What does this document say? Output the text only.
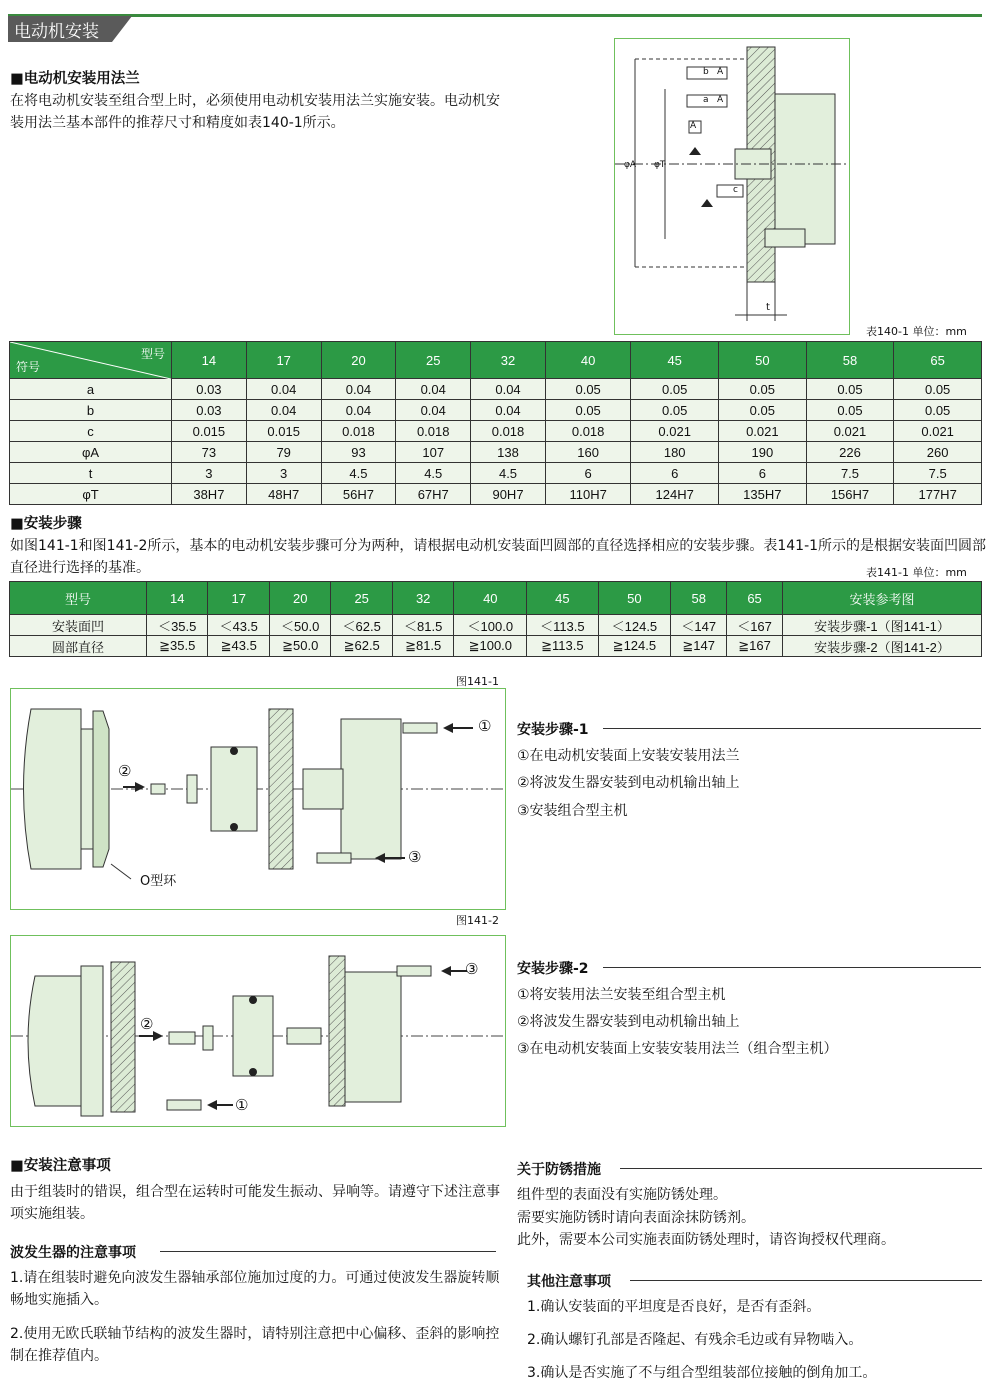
电动机安装
■电动机安装用法兰
在将电动机安装至组合型上时，必须使用电动机安装用法兰实施安装。电动机安装用法兰基本部件的推荐尺寸和精度如表140-1所示。
b A
a A
A
c
φA φT
t
表140-1 单位：mm
型号
符号	14	17	20	25	32	40	45	50	58	65
a	0.03	0.04	0.04	0.04	0.04	0.05	0.05	0.05	0.05	0.05
b	0.03	0.04	0.04	0.04	0.04	0.05	0.05	0.05	0.05	0.05
c	0.015	0.015	0.018	0.018	0.018	0.018	0.021	0.021	0.021	0.021
φA	73	79	93	107	138	160	180	190	226	260
t	3	3	4.5	4.5	4.5	6	6	6	7.5	7.5
φT	38H7	48H7	56H7	67H7	90H7	110H7	124H7	135H7	156H7	177H7
■安装步骤
如图141-1和图141-2所示，基本的电动机安装步骤可分为两种，请根据电动机安装面凹圆部的直径选择相应的安装步骤。表141-1所示的是根据安装面凹圆部直径进行选择的基准。	表141-1 单位：mm
型号	14	17	20	25	32	40	45	50	58	65	安装参考图
安装面凹	＜35.5	＜43.5	＜50.0	＜62.5	＜81.5	＜100.0	＜113.5	＜124.5	＜147	＜167	安装步骤-1（图141-1）
圆部直径	≧35.5	≧43.5	≧50.0	≧62.5	≧81.5	≧100.0	≧113.5	≧124.5	≧147	≧167	安装步骤-2（图141-2）
图141-1
①
②
③
O型环
安装步骤-1
①在电动机安装面上安装安装用法兰
②将波发生器安装到电动机输出轴上
③安装组合型主机
图141-2
③
②
①
安装步骤-2
①将安装用法兰安装至组合型主机
②将波发生器安装到电动机输出轴上
③在电动机安装面上安装安装用法兰（组合型主机）
■安装注意事项
由于组装时的错误，组合型在运转时可能发生振动、异响等。请遵守下述注意事项实施组装。
波发生器的注意事项
1.请在组装时避免向波发生器轴承部位施加过度的力。可通过使波发生器旋转顺畅地实施插入。
2.使用无欧氏联轴节结构的波发生器时，请特别注意把中心偏移、歪斜的影响控制在推荐值内。
关于防锈措施
组件型的表面没有实施防锈处理。
需要实施防锈时请向表面涂抹防锈剂。
此外，需要本公司实施表面防锈处理时，请咨询授权代理商。
其他注意事项
1.确认安装面的平坦度是否良好，是否有歪斜。
2.确认螺钉孔部是否隆起、有残余毛边或有异物啮入。
3.确认是否实施了不与组合型组装部位接触的倒角加工。
